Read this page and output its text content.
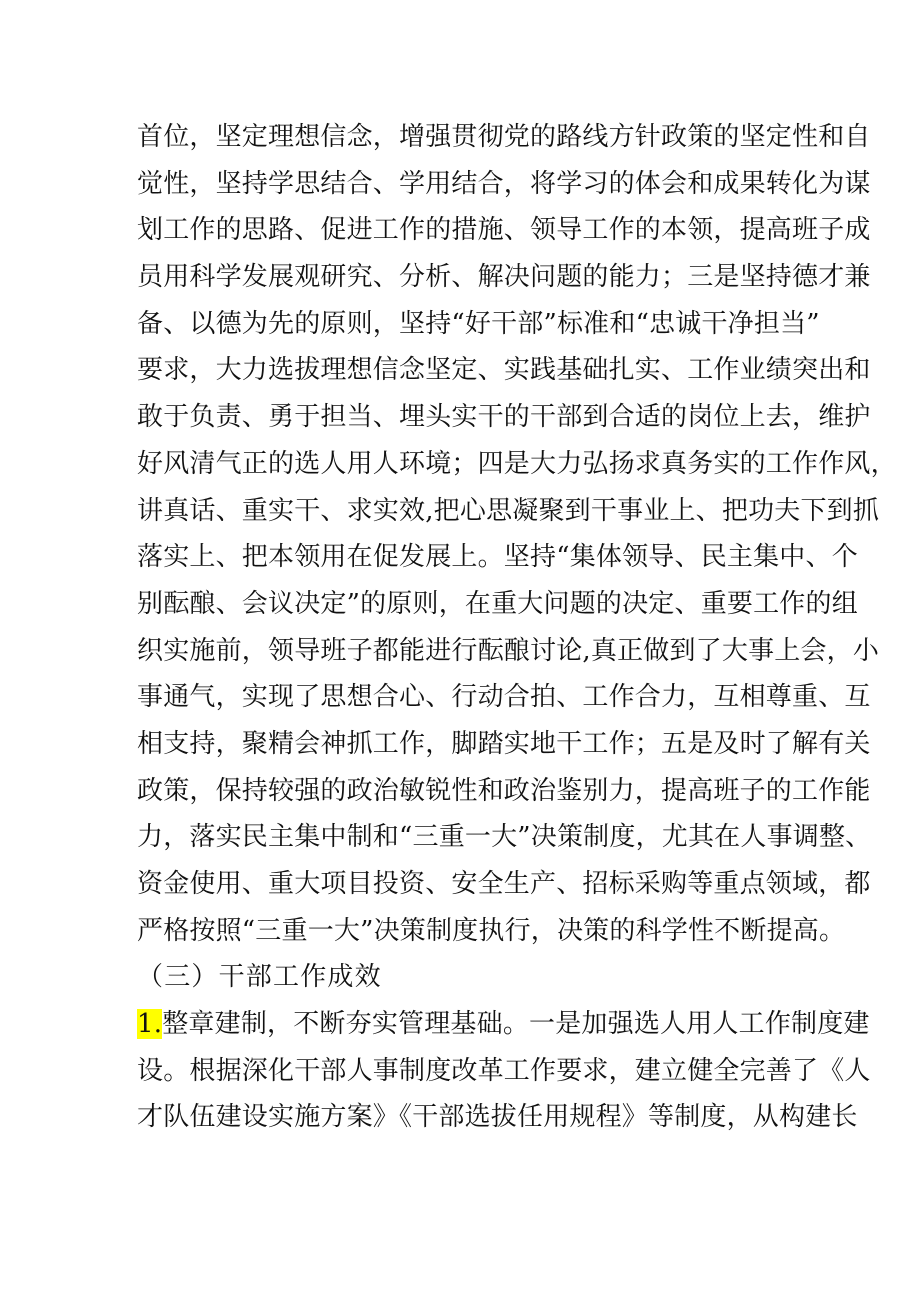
首位，坚定理想信念，增强贯彻党的路线方针政策的坚定性和自
觉性，坚持学思结合、学用结合，将学习的体会和成果转化为谋
划工作的思路、促进工作的措施、领导工作的本领，提高班子成
员用科学发展观研究、分析、解决问题的能力；三是坚持德才兼
备、以德为先的原则，坚持“好干部”标准和“忠诚干净担当”
要求，大力选拔理想信念坚定、实践基础扎实、工作业绩突出和
敢于负责、勇于担当、埋头实干的干部到合适的岗位上去，维护
好风清气正的选人用人环境；四是大力弘扬求真务实的工作作风，
讲真话、重实干、求实效,把心思凝聚到干事业上、把功夫下到抓
落实上、把本领用在促发展上。坚持“集体领导、民主集中、个
别酝酿、会议决定”的原则，在重大问题的决定、重要工作的组
织实施前，领导班子都能进行酝酿讨论,真正做到了大事上会，小
事通气，实现了思想合心、行动合拍、工作合力，互相尊重、互
相支持，聚精会神抓工作，脚踏实地干工作；五是及时了解有关
政策，保持较强的政治敏锐性和政治鉴别力，提高班子的工作能
力，落实民主集中制和“三重一大”决策制度，尤其在人事调整、
资金使用、重大项目投资、安全生产、招标采购等重点领域，都
严格按照“三重一大”决策制度执行，决策的科学性不断提高。
（三）干部工作成效
1.整章建制，不断夯实管理基础。一是加强选人用人工作制度建
设。根据深化干部人事制度改革工作要求，建立健全完善了《人
才队伍建设实施方案》《干部选拔任用规程》等制度，从构建长
